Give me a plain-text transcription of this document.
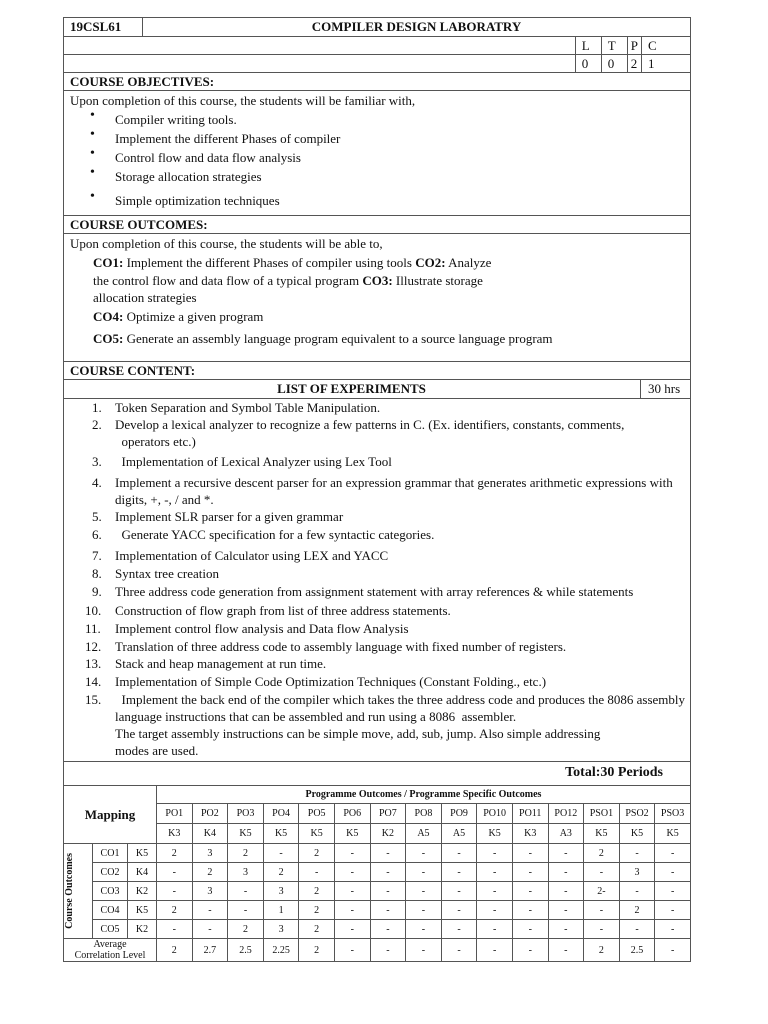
19CSL61	COMPILER DESIGN LABORATRY				
		L	T	P	C
		0	0	2	1
COURSE OBJECTIVES:
Upon completion of this course, the students will be familiar with,
• Compiler writing tools.
• Implement the different Phases of compiler
• Control flow and data flow analysis
• Storage allocation strategies
• Simple optimization techniques
COURSE OUTCOMES:
Upon completion of this course, the students will be able to,
CO1: Implement the different Phases of compiler using tools CO2: Analyze
the control flow and data flow of a typical program CO3: Illustrate storage
allocation strategies
CO4: Optimize a given program
CO5: Generate an assembly language program equivalent to a source language program
COURSE CONTENT:
LIST OF EXPERIMENTS	30 hrs
1. Token Separation and Symbol Table Manipulation.
2. Develop a lexical analyzer to recognize a few patterns in C. (Ex. identifiers, constants, comments,
operators etc.)
3. Implementation of Lexical Analyzer using Lex Tool
4. Implement a recursive descent parser for an expression grammar that generates arithmetic expressions with
digits, +, -, / and *.
5. Implement SLR parser for a given grammar
6. Generate YACC specification for a few syntactic categories.
7. Implementation of Calculator using LEX and YACC
8. Syntax tree creation
9. Three address code generation from assignment statement with array references & while statements
10. Construction of flow graph from list of three address statements.
11. Implement control flow analysis and Data flow Analysis
12. Translation of three address code to assembly language with fixed number of registers.
13. Stack and heap management at run time.
14. Implementation of Simple Code Optimization Techniques (Constant Folding., etc.)
15. Implement the back end of the compiler which takes the three address code and produces the 8086 assembly
language instructions that can be assembled and run using a 8086  assembler.
The target assembly instructions can be simple move, add, sub, jump. Also simple addressing
modes are used.
Total:30 Periods
Mapping			Programme Outcomes / Programme Specific Outcomes														
			PO1	PO2	PO3	PO4	PO5	PO6	PO7	PO8	PO9	PO10	PO11	PO12	PSO1	PSO2	PSO3
			K3	K4	K5	K5	K5	K5	K2	A5	A5	K5	K3	A3	K5	K5	K5

Course Outcomes	CO1	K5	2	3	2	-	2	-	-	-	-	-	-	-	2	-	-
	CO2	K4	-	2	3	2	-	-	-	-	-	-	-	-	-	3	-
	CO3	K2	-	3	-	3	2	-	-	-	-	-	-	-	2-	-	-
	CO4	K5	2	-	-	1	2	-	-	-	-	-	-	-	-	2	-
	CO5	K2	-	-	2	3	2	-	-	-	-	-	-	-	-	-	-

Average
Correlation Level			2	2.7	2.5	2.25	2	-	-	-	-	-	-	-	2	2.5	-
